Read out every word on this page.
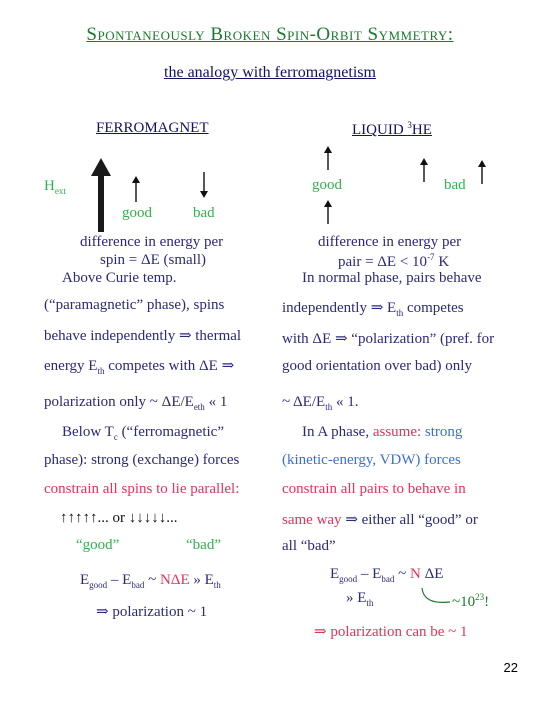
Spontaneously Broken Spin-Orbit Symmetry:
the analogy with ferromagnetism
FERROMAGNET
$H_{ext}$
good	bad
difference in energy per
spin = ΔE (small)
Above Curie temp.
(“paramagnetic” phase), spins
behave independently ⇒ thermal
energy $E_{th}$ competes with ΔE ⇒
polarization only ~ $\Delta E/E_{eth}$ « 1
Below $T_c$ (“ferromagnetic”
phase): strong (exchange) forces
constrain all spins to lie parallel:
↑↑↑↑↑... or ↓↓↓↓↓...
“good”	“bad”
$E_{good} - E_{bad}$ ~ NΔE » $E_{th}$
⇒ polarization ~ 1
LIQUID $^3$HE
good	bad
difference in energy per
pair = $\Delta E < 10^{-7}$ K
In normal phase, pairs behave
independently ⇒ $E_{th}$ competes
with ΔE ⇒ “polarization” (pref. for
good orientation over bad) only
~ $\Delta E/E_{th}$ « 1.
In A phase, assume: strong
(kinetic-energy, VDW) forces
constrain all pairs to behave in
same way ⇒ either all “good” or
all “bad”
$E_{good} - E_{bad}$ ~ N ΔE
» $E_{th}$	$\sim 10^{23}$!
⇒ polarization can be ~ 1
22
